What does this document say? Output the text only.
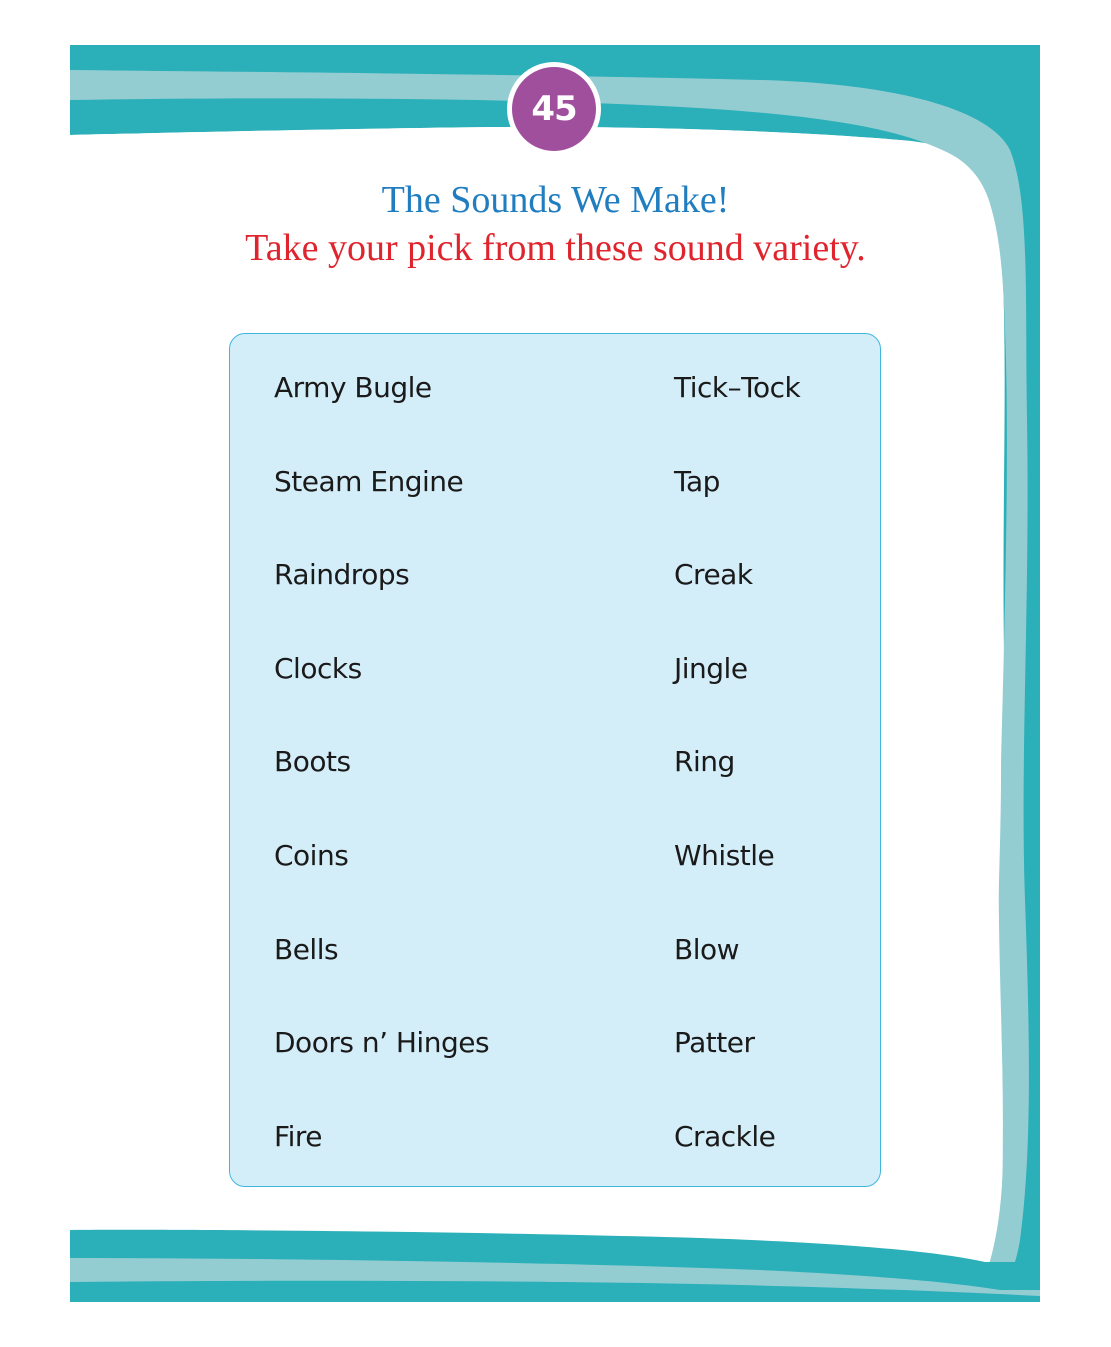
45
The Sounds We Make!
Take your pick from these sound variety.
Army Bugle
Steam Engine
Raindrops
Clocks
Boots
Coins
Bells
Doors n’ Hinges
Fire
Tick–Tock
Tap
Creak
Jingle
Ring
Whistle
Blow
Patter
Crackle
